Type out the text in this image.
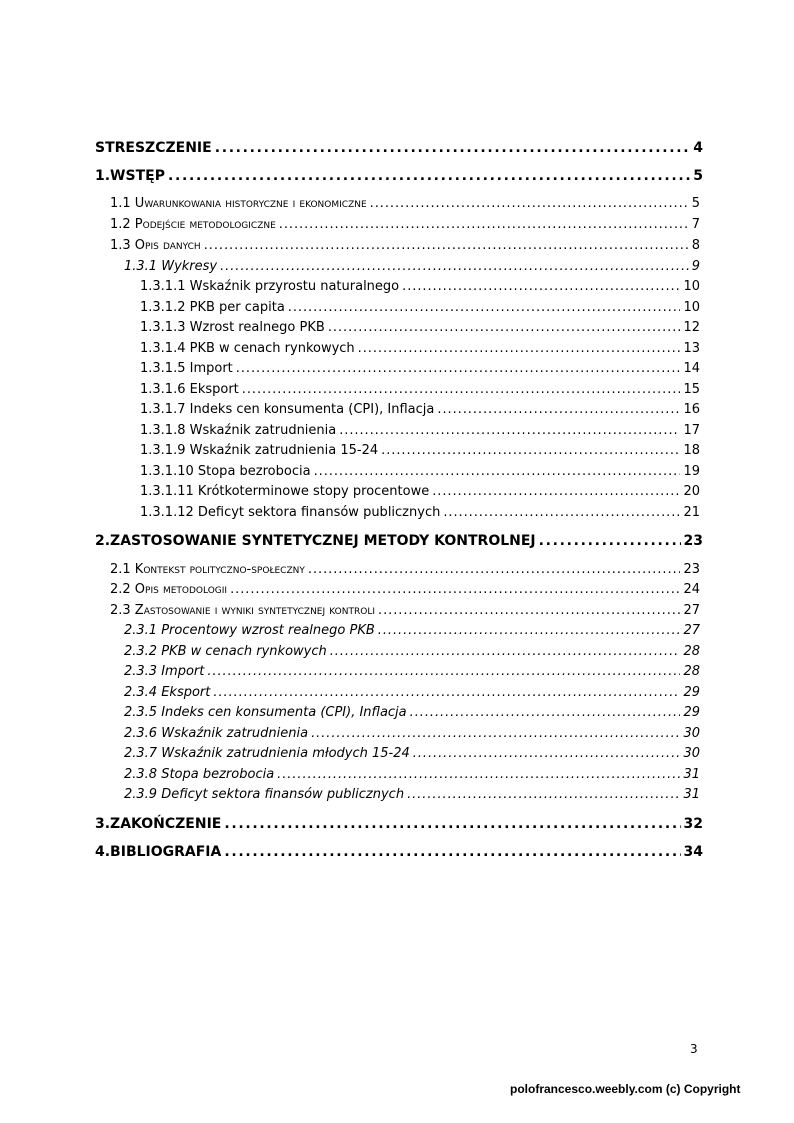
STRESZCZENIE . . .	4
1.WSTĘP . . .	5
1.1 Uwarunkowania historyczne i ekonomiczne . . .	5
1.2 Podejście metodologiczne . . .	7
1.3 Opis danych . . .	8
1.3.1 Wykresy . . .	9
1.3.1.1 Wskaźnik przyrostu naturalnego . . .	10
1.3.1.2 PKB per capita . . .	10
1.3.1.3 Wzrost realnego PKB . . .	12
1.3.1.4 PKB w cenach rynkowych . . .	13
1.3.1.5 Import . . .	14
1.3.1.6 Eksport . . .	15
1.3.1.7 Indeks cen konsumenta (CPI), Inflacja . . .	16
1.3.1.8 Wskaźnik zatrudnienia . . .	17
1.3.1.9 Wskaźnik zatrudnienia 15-24 . . .	18
1.3.1.10 Stopa bezrobocia . . .	19
1.3.1.11 Krótkoterminowe stopy procentowe . . .	20
1.3.1.12 Deficyt sektora finansów publicznych . . .	21
2.ZASTOSOWANIE SYNTETYCZNEJ METODY KONTROLNEJ . . .	23
2.1 Kontekst polityczno-społeczny . . .	23
2.2 Opis metodologii . . .	24
2.3 Zastosowanie i wyniki syntetycznej kontroli . . .	27
2.3.1 Procentowy wzrost realnego PKB . . .	27
2.3.2 PKB w cenach rynkowych . . .	28
2.3.3 Import . . .	28
2.3.4 Eksport . . .	29
2.3.5 Indeks cen konsumenta (CPI), Inflacja . . .	29
2.3.6 Wskaźnik zatrudnienia . . .	30
2.3.7 Wskaźnik zatrudnienia młodych 15-24 . . .	30
2.3.8 Stopa bezrobocia . . .	31
2.3.9 Deficyt sektora finansów publicznych . . .	31
3.ZAKOŃCZENIE . . .	32
4.BIBLIOGRAFIA . . .	34
3
polofrancesco.weebly.com (c) Copyright
